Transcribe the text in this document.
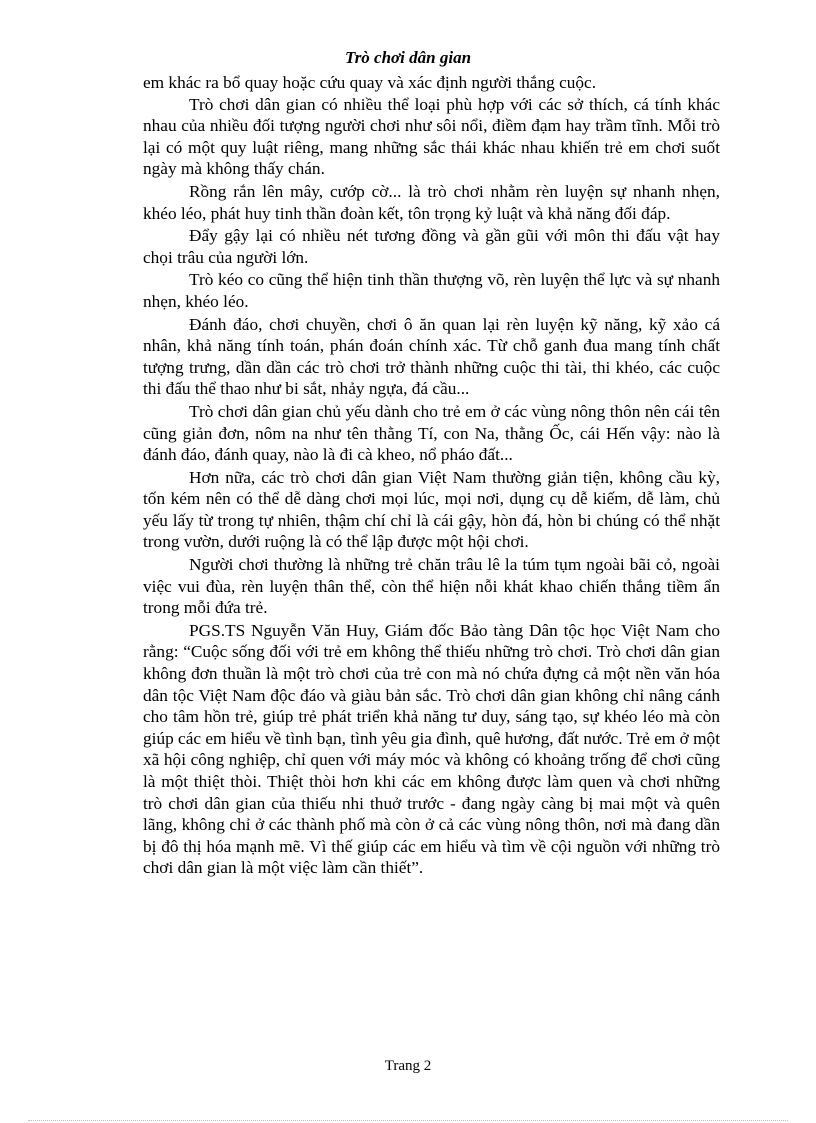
Trò chơi dân gian

em khác ra bổ quay hoặc cứu quay và xác định người thắng cuộc.

Trò chơi dân gian có nhiều thể loại phù hợp với các sở thích, cá tính khác nhau của nhiều đối tượng người chơi như sôi nổi, điềm đạm hay trầm tĩnh. Mỗi trò lại có một quy luật riêng, mang những sắc thái khác nhau khiến trẻ em chơi suốt ngày mà không thấy chán.

Rồng rắn lên mây, cướp cờ... là trò chơi nhằm rèn luyện sự nhanh nhẹn, khéo léo, phát huy tinh thần đoàn kết, tôn trọng kỷ luật và khả năng đối đáp.

Đẩy gậy lại có nhiều nét tương đồng và gần gũi với môn thi đấu vật hay chọi trâu của người lớn.

Trò kéo co cũng thể hiện tinh thần thượng võ, rèn luyện thể lực và sự nhanh nhẹn, khéo léo.

Đánh đáo, chơi chuyền, chơi ô ăn quan lại rèn luyện kỹ năng, kỹ xảo cá nhân, khả năng tính toán, phán đoán chính xác. Từ chỗ ganh đua mang tính chất tượng trưng, dần dần các trò chơi trở thành những cuộc thi tài, thi khéo, các cuộc thi đấu thể thao như bi sắt, nhảy ngựa, đá cầu...

Trò chơi dân gian chủ yếu dành cho trẻ em ở các vùng nông thôn nên cái tên cũng giản đơn, nôm na như tên thằng Tí, con Na, thằng Ốc, cái Hến vậy: nào là đánh đáo, đánh quay, nào là đi cà kheo, nổ pháo đất...

Hơn nữa, các trò chơi dân gian Việt Nam thường giản tiện, không cầu kỳ, tốn kém nên có thể dễ dàng chơi mọi lúc, mọi nơi, dụng cụ dễ kiếm, dễ làm, chủ yếu lấy từ trong tự nhiên, thậm chí chỉ là cái gậy, hòn đá, hòn bi chúng có thể nhặt trong vườn, dưới ruộng là có thể lập được một hội chơi.

Người chơi thường là những trẻ chăn trâu lê la túm tụm ngoài bãi cỏ, ngoài việc vui đùa, rèn luyện thân thể, còn thể hiện nỗi khát khao chiến thắng tiềm ẩn trong mỗi đứa trẻ.

PGS.TS Nguyễn Văn Huy, Giám đốc Bảo tàng Dân tộc học Việt Nam cho rằng: “Cuộc sống đối với trẻ em không thể thiếu những trò chơi. Trò chơi dân gian không đơn thuần là một trò chơi của trẻ con mà nó chứa đựng cả một nền văn hóa dân tộc Việt Nam độc đáo và giàu bản sắc. Trò chơi dân gian không chỉ nâng cánh cho tâm hồn trẻ, giúp trẻ phát triển khả năng tư duy, sáng tạo, sự khéo léo mà còn giúp các em hiểu về tình bạn, tình yêu gia đình, quê hương, đất nước. Trẻ em ở một xã hội công nghiệp, chỉ quen với máy móc và không có khoảng trống để chơi cũng là một thiệt thòi. Thiệt thòi hơn khi các em không được làm quen và chơi những trò chơi dân gian của thiếu nhi thuở trước - đang ngày càng bị mai một và quên lãng, không chỉ ở các thành phố mà còn ở cả các vùng nông thôn, nơi mà đang dần bị đô thị hóa mạnh mẽ. Vì thế giúp các em hiểu và tìm về cội nguồn với những trò chơi dân gian là một việc làm cần thiết”.

Trang 2
